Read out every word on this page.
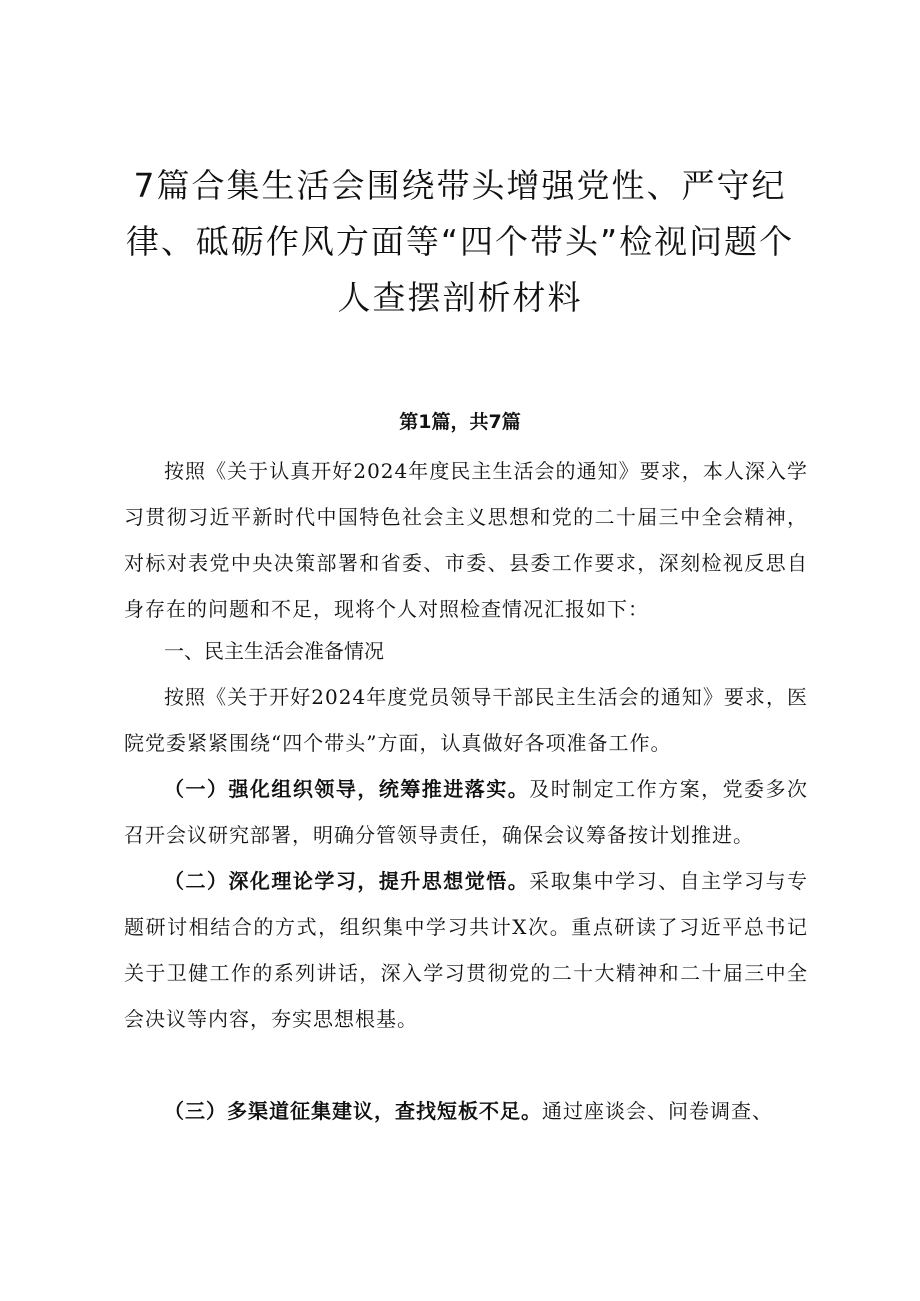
7篇合集生活会围绕带头增强党性、严守纪
律、砥砺作风方面等“四个带头”检视问题个
人查摆剖析材料
第1篇，共7篇

按照《关于认真开好2024年度民主生活会的通知》要求，本人深入学习贯彻习近平新时代中国特色社会主义思想和党的二十届三中全会精神，对标对表党中央决策部署和省委、市委、县委工作要求，深刻检视反思自身存在的问题和不足，现将个人对照检查情况汇报如下：

一、民主生活会准备情况

按照《关于开好2024年度党员领导干部民主生活会的通知》要求，医院党委紧紧围绕“四个带头”方面，认真做好各项准备工作。

（一）强化组织领导，统筹推进落实。及时制定工作方案，党委多次召开会议研究部署，明确分管领导责任，确保会议筹备按计划推进。

（二）深化理论学习，提升思想觉悟。采取集中学习、自主学习与专题研讨相结合的方式，组织集中学习共计X次。重点研读了习近平总书记关于卫健工作的系列讲话，深入学习贯彻党的二十大精神和二十届三中全会决议等内容，夯实思想根基。

（三）多渠道征集建议，查找短板不足。通过座谈会、问卷调查、
